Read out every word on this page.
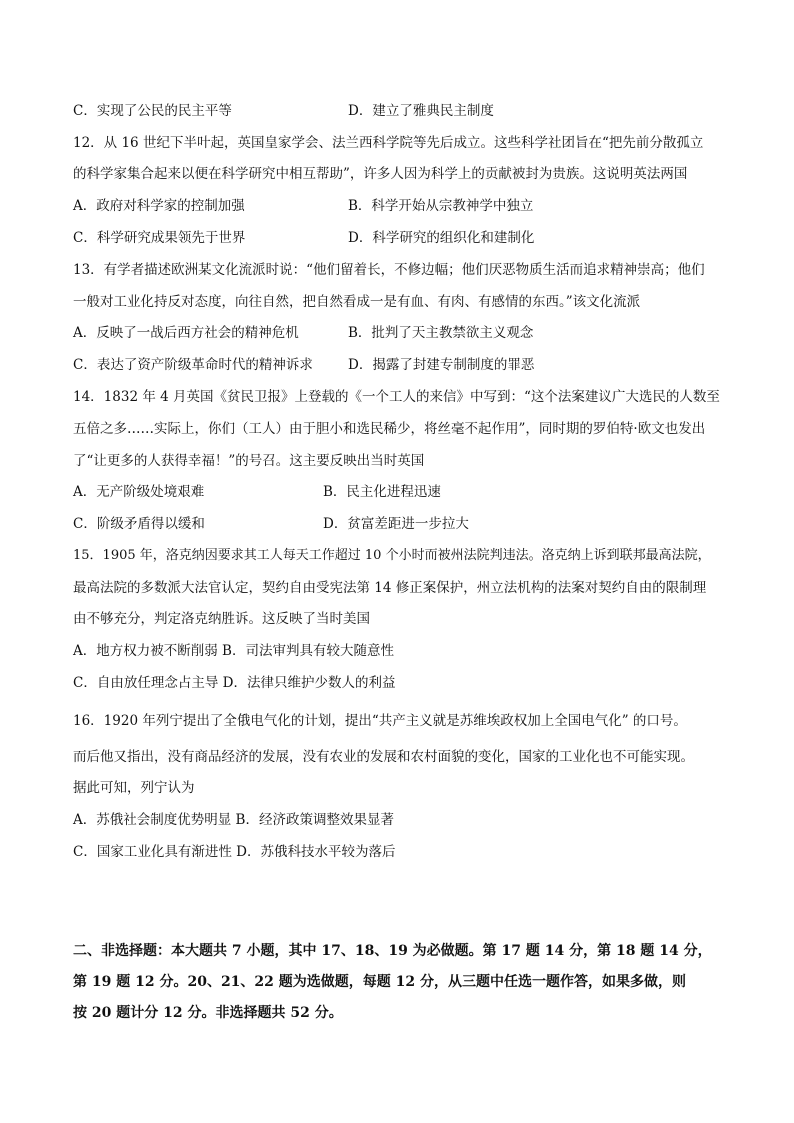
C．实现了公民的民主平等	D．建立了雅典民主制度
12．从 16 世纪下半叶起，英国皇家学会、法兰西科学院等先后成立。这些科学社团旨在“把先前分散孤立
的科学家集合起来以便在科学研究中相互帮助”，许多人因为科学上的贡献被封为贵族。这说明英法两国
A．政府对科学家的控制加强	B．科学开始从宗教神学中独立
C．科学研究成果领先于世界	D．科学研究的组织化和建制化
13．有学者描述欧洲某文化流派时说：“他们留着长，不修边幅；他们厌恶物质生活而追求精神崇高；他们
一般对工业化持反对态度，向往自然，把自然看成一是有血、有肉、有感情的东西。”该文化流派
A．反映了一战后西方社会的精神危机	B．批判了天主教禁欲主义观念
C．表达了资产阶级革命时代的精神诉求	D．揭露了封建专制制度的罪恶
14．1832 年 4 月英国《贫民卫报》上登载的《一个工人的来信》中写到：“这个法案建议广大选民的人数至
五倍之多……实际上，你们（工人）由于胆小和选民稀少，将丝毫不起作用”，同时期的罗伯特·欧文也发出
了“让更多的人获得幸福！”的号召。这主要反映出当时英国
A．无产阶级处境艰难	B．民主化进程迅速
C．阶级矛盾得以缓和	D．贫富差距进一步拉大
15．1905 年，洛克纳因要求其工人每天工作超过 10 个小时而被州法院判违法。洛克纳上诉到联邦最高法院，
最高法院的多数派大法官认定，契约自由受宪法第 14 修正案保护，州立法机构的法案对契约自由的限制理
由不够充分，判定洛克纳胜诉。这反映了当时美国
A．地方权力被不断削弱 B．司法审判具有较大随意性
C．自由放任理念占主导 D．法律只维护少数人的利益
16．1920 年列宁提出了全俄电气化的计划，提出“共产主义就是苏维埃政权加上全国电气化” 的口号。
而后他又指出，没有商品经济的发展，没有农业的发展和农村面貌的变化，国家的工业化也不可能实现。
据此可知，列宁认为
A．苏俄社会制度优势明显 B．经济政策调整效果显著
C．国家工业化具有渐进性 D．苏俄科技水平较为落后
二、非选择题：本大题共 7 小题，其中 17、18、19 为必做题。第 17 题 14 分，第 18 题 14 分，
第 19 题 12 分。20、21、22 题为选做题，每题 12 分，从三题中任选一题作答，如果多做，则
按 20 题计分 12 分。非选择题共 52 分。
